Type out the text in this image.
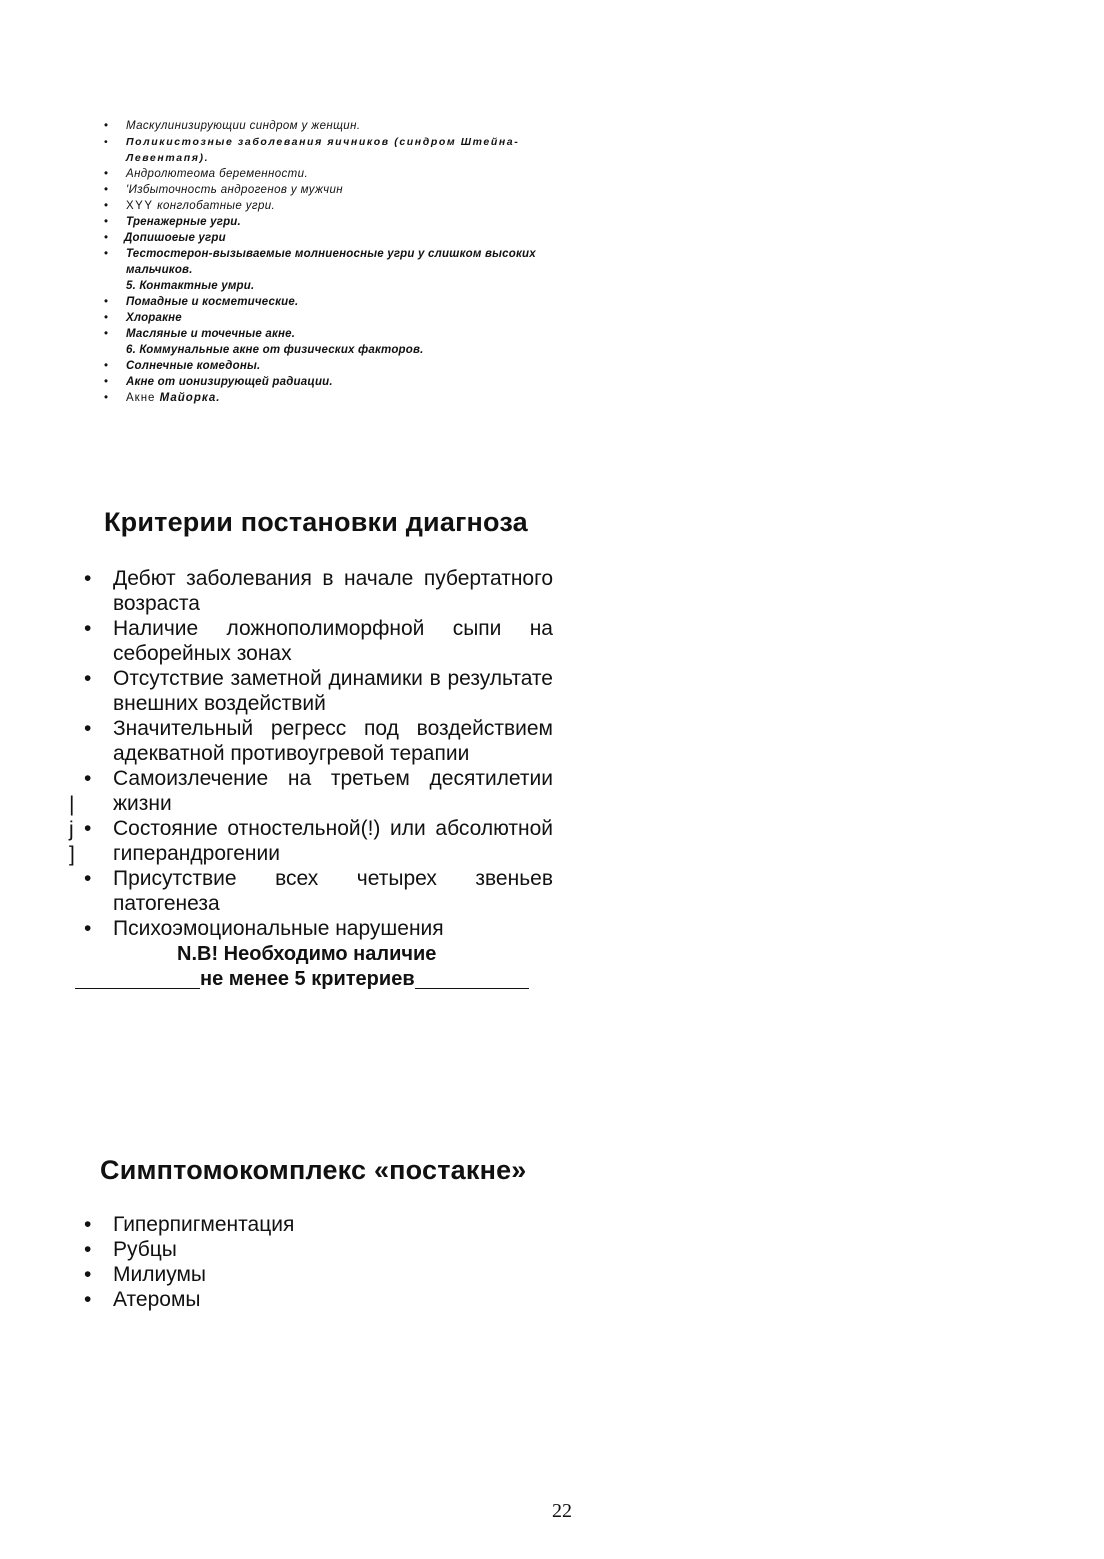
• Маскулинизирующии синдром у женщин.
• Поликистозные заболевания яичников (синдром Штейна-Левентапя).
• Андролютеома беременности.
• 'Избыточность андрогенов у мужчин
• XYY конглобатные угри.
• Тренажерные угри.
• Допишоеые угри
• Тестостерон-вызываемые молниеносные угри у слишком высоких мальчиков.
5. Контактные умри.
• Помадные и косметические.
• Хлоракне
• Масляные и точечные акне.
6. Коммунальные акне от физических факторов.
• Солнечные комедоны.
• Акне от ионизирующей радиации.
• Акне Майорка.
Критерии постановки диагноза
• Дебют заболевания в начале пубертатного возраста
• Наличие ложнополиморфной сыпи на себорейных зонах
• Отсутствие заметной динамики в результате внешних воздействий
• Значительный регресс под воздействием адекватной противоугревой терапии
• Самоизлечение на третьем десятилетии жизни
• Состояние отностельной(!) или абсолютной гиперандрогении
• Присутствие всех четырех звеньев патогенеза
• Психоэмоциональные нарушения
|
j
]
N.B! Необходимо наличие
не менее 5 критериев
Симптомокомплекс «постакне»
• Гиперпигментация
• Рубцы
• Милиумы
• Атеромы
22
